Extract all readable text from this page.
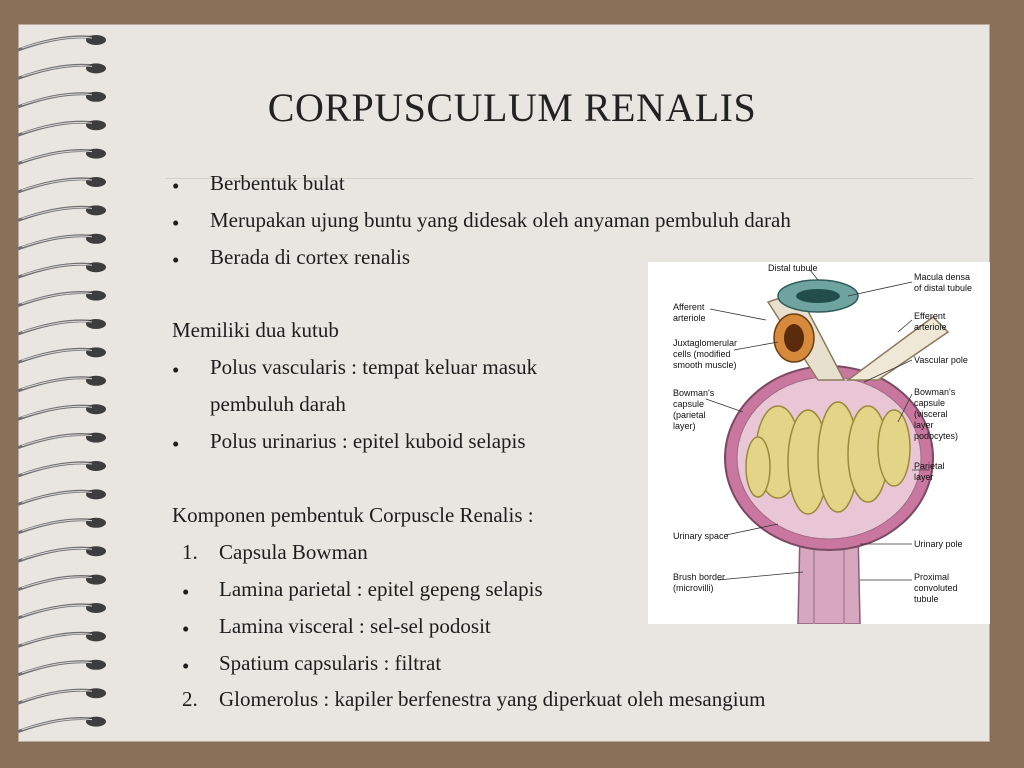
CORPUSCULUM RENALIS
• Berbentuk bulat
• Merupakan ujung buntu yang didesak oleh anyaman pembuluh darah
• Berada di cortex renalis
Memiliki dua kutub
• Polus vascularis : tempat keluar masuk
pembuluh darah
• Polus urinarius : epitel kuboid selapis
Komponen pembentuk Corpuscle Renalis :
1. Capsula Bowman
• Lamina parietal : epitel gepeng selapis
• Lamina visceral : sel-sel podosit
• Spatium capsularis : filtrat
2. Glomerolus : kapiler berfenestra yang diperkuat oleh mesangium
Distal tubule
Afferent arteriole
Juxtaglomerular cells (modified smooth muscle)
Bowman's capsule (parietal layer)
Urinary space
Brush border (microvilli)
Macula densa of distal tubule
Efferent arteriole
Vascular pole
Bowman's capsule (visceral layer podocytes)
Parietal layer
Urinary pole
Proximal convoluted tubule
